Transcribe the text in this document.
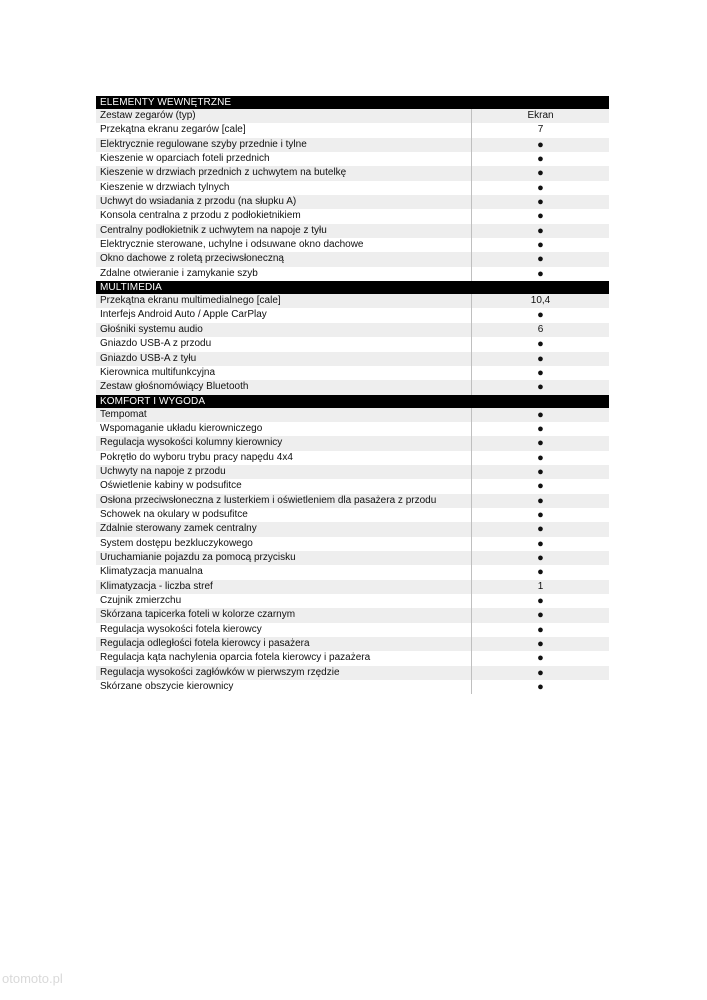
ELEMENTY WEWNĘTRZNE
Zestaw zegarów (typ)	Ekran
Przekątna ekranu zegarów [cale]	7
Elektrycznie regulowane szyby przednie i tylne	●
Kieszenie w oparciach foteli przednich	●
Kieszenie w drzwiach przednich z uchwytem na butelkę	●
Kieszenie w drzwiach tylnych	●
Uchwyt do wsiadania z przodu (na słupku A)	●
Konsola centralna z przodu z podłokietnikiem	●
Centralny podłokietnik z uchwytem na napoje z tyłu	●
Elektrycznie sterowane, uchylne i odsuwane okno dachowe	●
Okno dachowe z roletą przeciwsłoneczną	●
Zdalne otwieranie i zamykanie szyb	●
MULTIMEDIA
Przekątna ekranu multimedialnego [cale]	10,4
Interfejs Android Auto / Apple CarPlay	●
Głośniki systemu audio	6
Gniazdo USB-A z przodu	●
Gniazdo USB-A z tyłu	●
Kierownica multifunkcyjna	●
Zestaw głośnomówiący Bluetooth	●
KOMFORT I WYGODA
Tempomat	●
Wspomaganie układu kierowniczego	●
Regulacja wysokości kolumny kierownicy	●
Pokrętło do wyboru trybu pracy napędu 4x4	●
Uchwyty na napoje z przodu	●
Oświetlenie kabiny w podsufitce	●
Osłona przeciwsłoneczna z lusterkiem i oświetleniem dla pasażera z przodu	●
Schowek na okulary w podsufitce	●
Zdalnie sterowany zamek centralny	●
System dostępu bezkluczykowego	●
Uruchamianie pojazdu za pomocą przycisku	●
Klimatyzacja manualna	●
Klimatyzacja - liczba stref	1
Czujnik zmierzchu	●
Skórzana tapicerka foteli w kolorze czarnym	●
Regulacja wysokości fotela kierowcy	●
Regulacja odległości fotela kierowcy i pasażera	●
Regulacja kąta nachylenia oparcia fotela kierowcy i pazażera	●
Regulacja wysokości zagłówków w pierwszym rzędzie	●
Skórzane obszycie kierownicy	●
otomoto.pl
